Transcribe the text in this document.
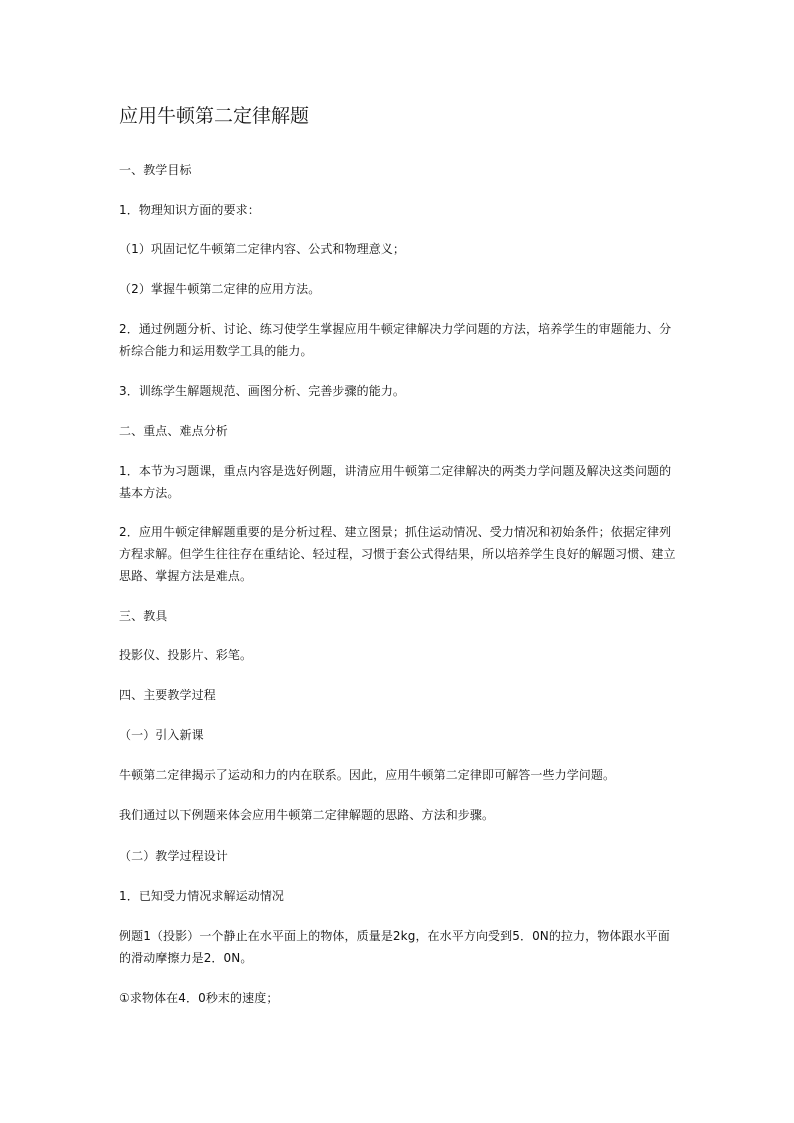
应用牛顿第二定律解题
一、教学目标
1．物理知识方面的要求：
（1）巩固记忆牛顿第二定律内容、公式和物理意义；
（2）掌握牛顿第二定律的应用方法。
2．通过例题分析、讨论、练习使学生掌握应用牛顿定律解决力学问题的方法，培养学生的审题能力、分析综合能力和运用数学工具的能力。
3．训练学生解题规范、画图分析、完善步骤的能力。
二、重点、难点分析
1．本节为习题课，重点内容是选好例题，讲清应用牛顿第二定律解决的两类力学问题及解决这类问题的基本方法。
2．应用牛顿定律解题重要的是分析过程、建立图景；抓住运动情况、受力情况和初始条件；依据定律列方程求解。但学生往往存在重结论、轻过程，习惯于套公式得结果，所以培养学生良好的解题习惯、建立思路、掌握方法是难点。
三、教具
投影仪、投影片、彩笔。
四、主要教学过程
（一）引入新课
牛顿第二定律揭示了运动和力的内在联系。因此，应用牛顿第二定律即可解答一些力学问题。
我们通过以下例题来体会应用牛顿第二定律解题的思路、方法和步骤。
（二）教学过程设计
1．已知受力情况求解运动情况
例题1（投影）一个静止在水平面上的物体，质量是2kg，在水平方向受到5．0N的拉力，物体跟水平面的滑动摩擦力是2．0N。
①求物体在4．0秒末的速度；
